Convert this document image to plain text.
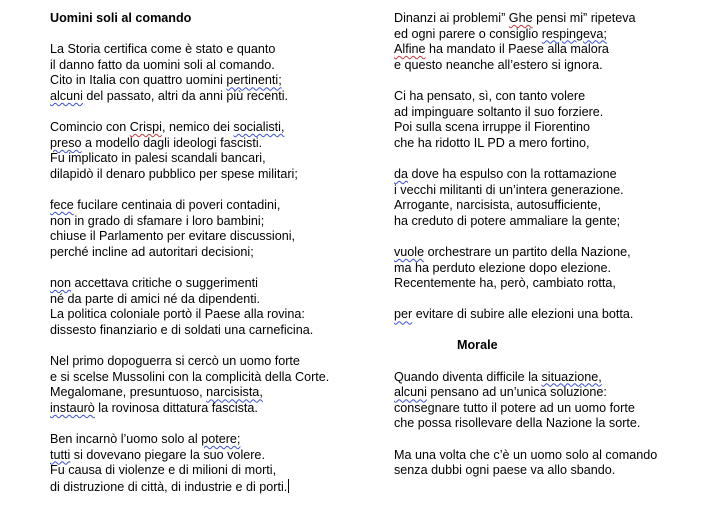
Uomini soli al comando
La Storia certifica come è stato e quanto
il danno fatto da uomini soli al comando.
Cito in Italia con quattro uomini pertinenti;
alcuni del passato, altri da anni più recenti.
Comincio con Crispi, nemico dei socialisti,
preso a modello dagli ideologi fascisti.
Fu implicato in palesi scandali bancari,
dilapidò il denaro pubblico per spese militari;
fece fucilare centinaia di poveri contadini,
non in grado di sfamare i loro bambini;
chiuse il Parlamento per evitare discussioni,
perché incline ad autoritari decisioni;
non accettava critiche o suggerimenti
né da parte di amici né da dipendenti.
La politica coloniale portò il Paese alla rovina:
dissesto finanziario e di soldati una carneficina.
Nel primo dopoguerra si cercò un uomo forte
e si scelse Mussolini con la complicità della Corte.
Megalomane, presuntuoso, narcisista,
instaurò la rovinosa dittatura fascista.
Ben incarnò l’uomo solo al potere;
tutti si dovevano piegare la suo volere.
Fu causa di violenze e di milioni di morti,
di distruzione di città, di industrie e di porti.
Dinanzi ai problemi” Ghe pensi mi” ripeteva
ed ogni parere o consiglio respingeva;
Alfine ha mandato il Paese alla malora
e questo neanche all’estero si ignora.
Ci ha pensato, sì, con tanto volere
ad impinguare soltanto il suo forziere.
Poi sulla scena irruppe il Fiorentino
che ha ridotto IL PD a mero fortino,
da dove ha espulso con la rottamazione
i vecchi militanti di un’intera generazione.
Arrogante, narcisista, autosufficiente,
ha creduto di potere ammaliare la gente;
vuole orchestrare un partito della Nazione,
ma ha perduto elezione dopo elezione.
Recentemente ha, però, cambiato rotta,
per evitare di subire alle elezioni una botta.
Morale
Quando diventa difficile la situazione,
alcuni pensano ad un’unica soluzione:
consegnare tutto il potere ad un uomo forte
che possa risollevare della Nazione la sorte.
Ma una volta che c’è un uomo solo al comando
senza dubbi ogni paese va allo sbando.
